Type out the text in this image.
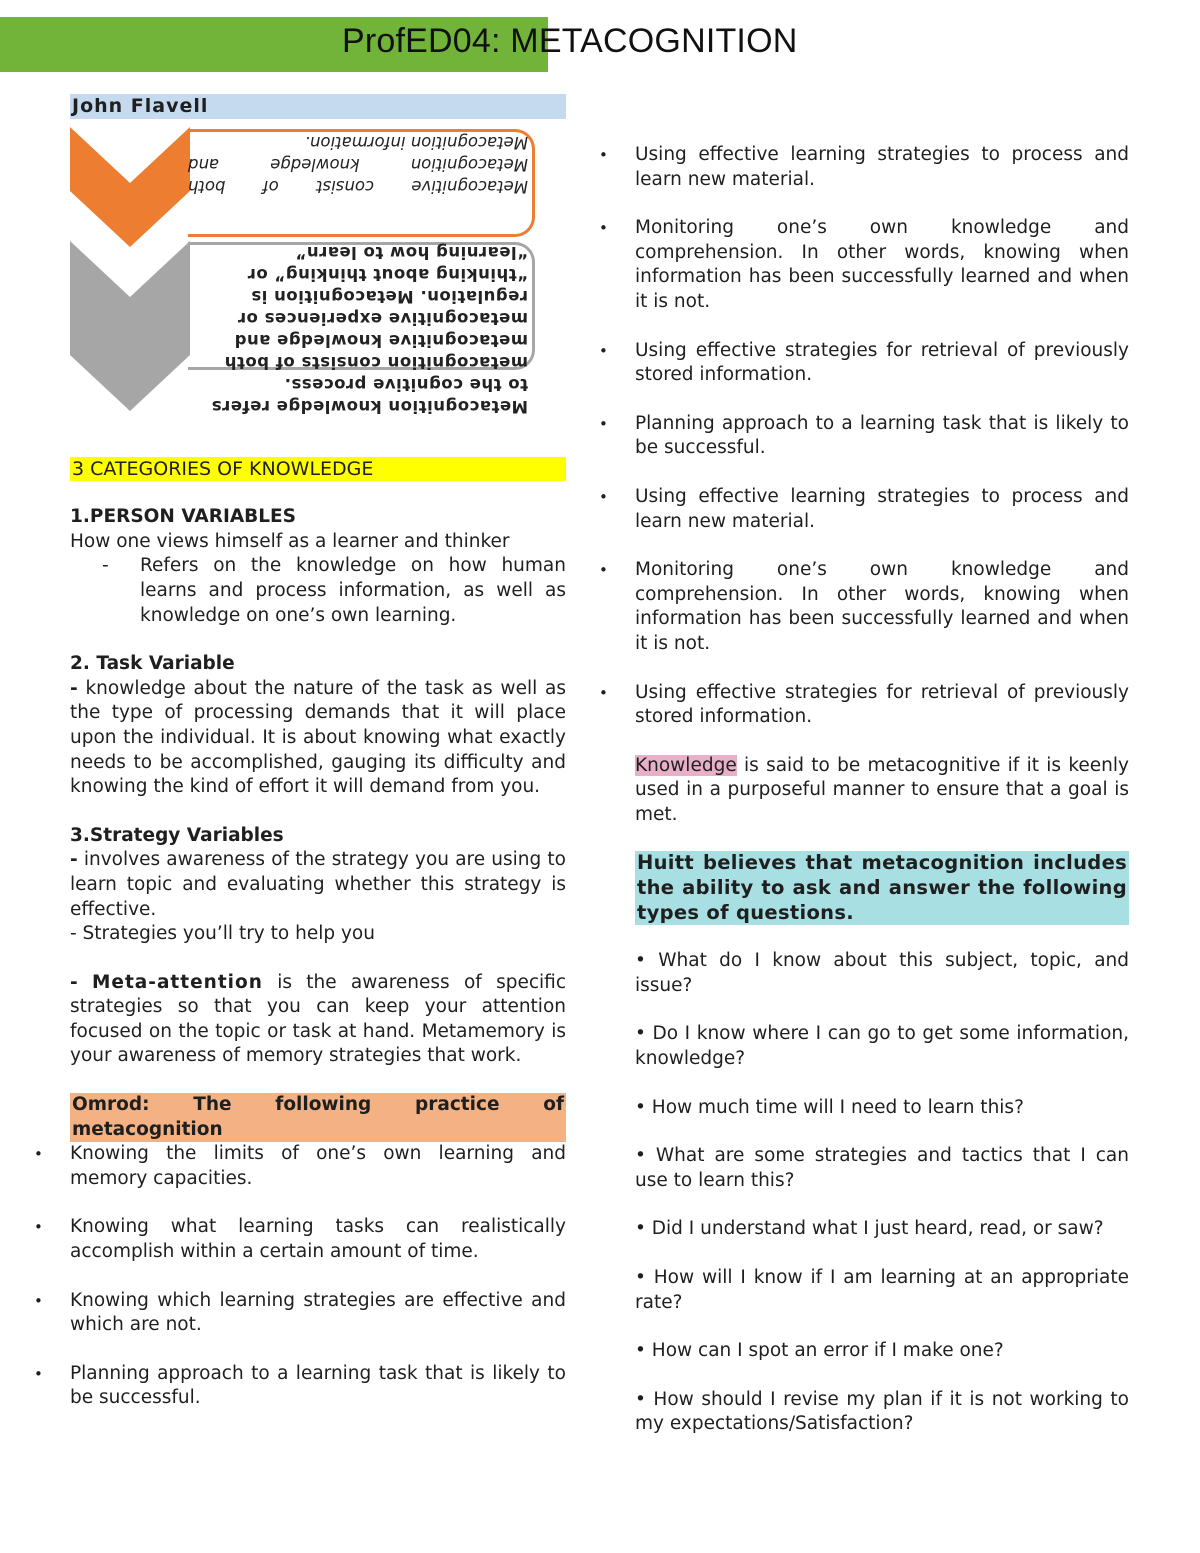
ProfED04: METACOGNITION
John Flavell
Metacognitive consist of both Metacognition knowledge and Metacognition information.
Metacognition knowledge refers to the cognitive process. metacognition consists of both metacognitive knowledge and metacognitive experiences or regulation. Metacognition is “thinking about thinking” or “learning how to learn”
3 CATEGORIES OF KNOWLEDGE

1.PERSON VARIABLES

How one views himself as a learner and thinker

-	Refers on the knowledge on how human learns and process information, as well as knowledge on one’s own learning.

2. Task Variable

- knowledge about the nature of the task as well as the type of processing demands that it will place upon the individual. It is about knowing what exactly needs to be accomplished, gauging its difficulty and knowing the kind of effort it will demand from you.

3.Strategy Variables

- involves awareness of the strategy you are using to learn topic and evaluating whether this strategy is effective.

- Strategies you’ll try to help you

- Meta-attention is the awareness of specific strategies so that you can keep your attention focused on the topic or task at hand. Metamemory is your awareness of memory strategies that work.

Omrod: The following practice of metacognition
•	Knowing the limits of one’s own learning and memory capacities.
•	Knowing what learning tasks can realistically accomplish within a certain amount of time.
•	Knowing which learning strategies are effective and which are not.
•	Planning approach to a learning task that is likely to be successful.
•	Using effective learning strategies to process and learn new material.
•	Monitoring one’s own knowledge and comprehension. In other words, knowing when information has been successfully learned and when it is not.
•	Using effective strategies for retrieval of previously stored information.
•	Planning approach to a learning task that is likely to be successful.
•	Using effective learning strategies to process and learn new material.
•	Monitoring one’s own knowledge and comprehension. In other words, knowing when information has been successfully learned and when it is not.
•	Using effective strategies for retrieval of previously stored information.

Knowledge is said to be metacognitive if it is keenly used in a purposeful manner to ensure that a goal is met.

Huitt believes that metacognition includes the ability to ask and answer the following types of questions.

• What do I know about this subject, topic, and issue?

• Do I know where I can go to get some information, knowledge?

• How much time will I need to learn this?

• What are some strategies and tactics that I can use to learn this?

• Did I understand what I just heard, read, or saw?

• How will I know if I am learning at an appropriate rate?

• How can I spot an error if I make one?

• How should I revise my plan if it is not working to my expectations/Satisfaction?
